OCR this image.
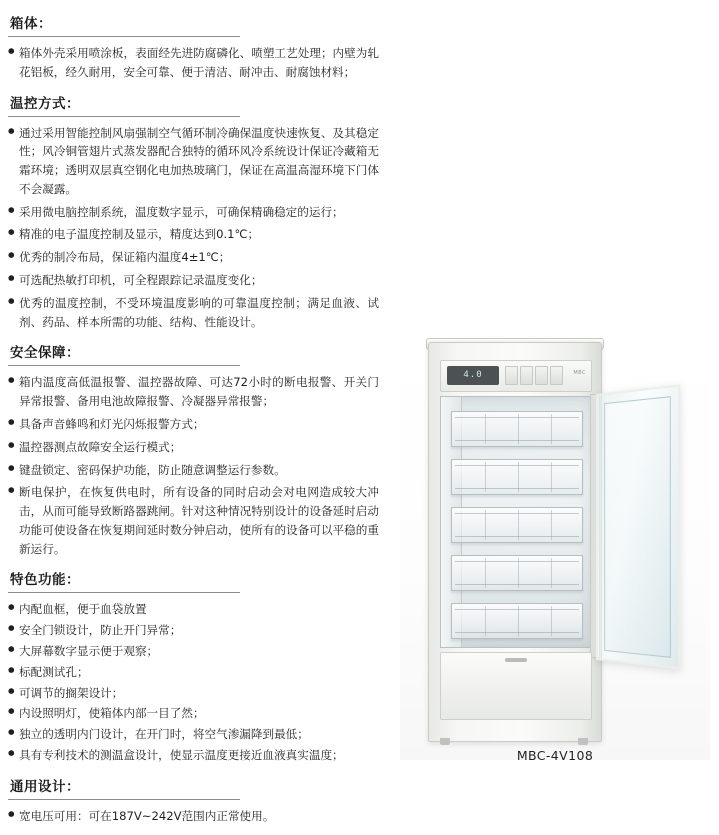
箱体：
● 箱体外壳采用喷涂板，表面经先进防腐磷化、喷塑工艺处理；内壁为轧花铝板，经久耐用，安全可靠、便于清洁、耐冲击、耐腐蚀材料；
温控方式：
● 通过采用智能控制风扇强制空气循环制冷确保温度快速恢复、及其稳定性；风冷铜管翅片式蒸发器配合独特的循环风冷系统设计保证冷藏箱无霜环境；透明双层真空钢化电加热玻璃门，保证在高温高湿环境下门体不会凝露。
● 采用微电脑控制系统，温度数字显示，可确保精确稳定的运行；
● 精准的电子温度控制及显示，精度达到0.1℃；
● 优秀的制冷布局，保证箱内温度4±1℃；
● 可选配热敏打印机，可全程跟踪记录温度变化；
● 优秀的温度控制，不受环境温度影响的可靠温度控制；满足血液、试剂、药品、样本所需的功能、结构、性能设计。
安全保障：
● 箱内温度高低温报警、温控器故障、可达72小时的断电报警、开关门异常报警、备用电池故障报警、冷凝器异常报警；
● 具备声音蜂鸣和灯光闪烁报警方式；
● 温控器测点故障安全运行模式；
● 键盘锁定、密码保护功能，防止随意调整运行参数。
● 断电保护，在恢复供电时，所有设备的同时启动会对电网造成较大冲击，从而可能导致断路器跳闸。针对这种情况特别设计的设备延时启动功能可使设备在恢复期间延时数分钟启动，使所有的设备可以平稳的重新运行。
特色功能：
● 内配血框，便于血袋放置
● 安全门锁设计，防止开门异常；
● 大屏幕数字显示便于观察；
● 标配测试孔；
● 可调节的搁架设计；
● 内设照明灯，使箱体内部一目了然；
● 独立的透明内门设计，在开门时，将空气渗漏降到最低；
● 具有专利技术的测温盒设计，使显示温度更接近血液真实温度；
通用设计：
● 宽电压可用：可在187V~242V范围内正常使用。
4.0	MBC
MBC-4V108
